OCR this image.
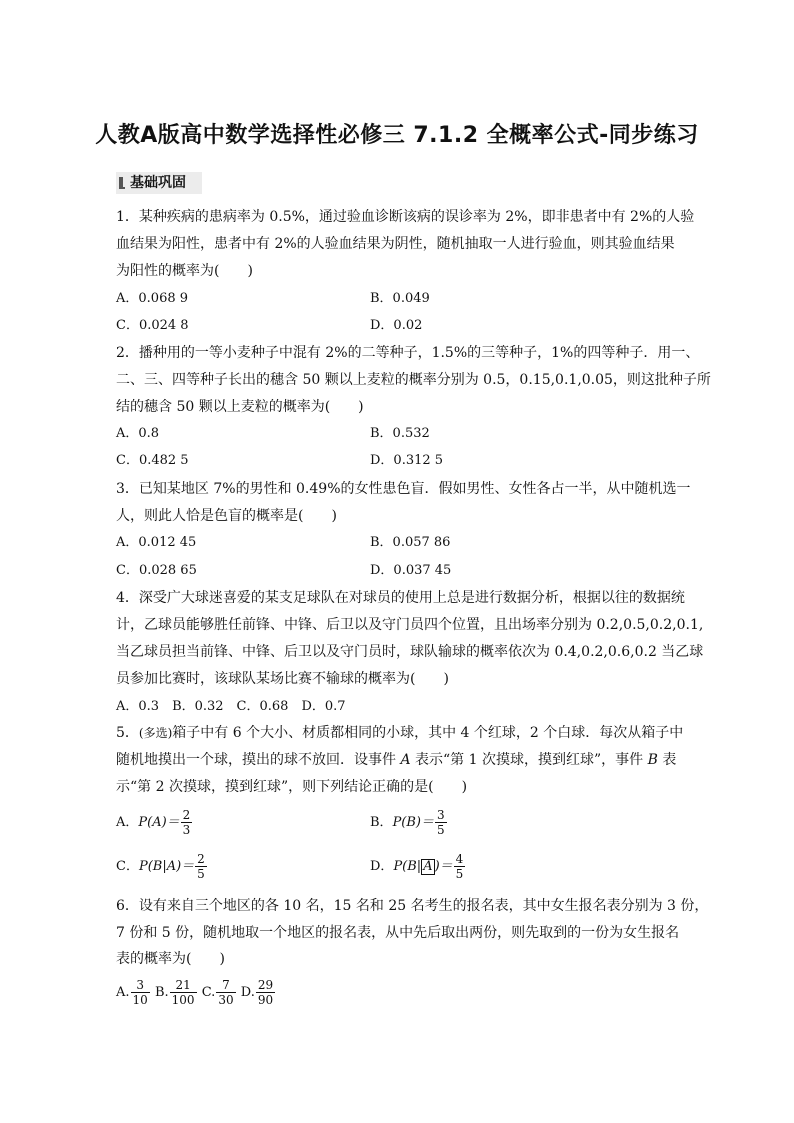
人教A版高中数学选择性必修三 7.1.2 全概率公式-同步练习
基础巩固
1．某种疾病的患病率为 0.5%，通过验血诊断该病的误诊率为 2%，即非患者中有 2%的人验
血结果为阳性，患者中有 2%的人验血结果为阴性，随机抽取一人进行验血，则其验血结果
为阳性的概率为(　　)
A．0.068 9	B．0.049
C．0.024 8	D．0.02
2．播种用的一等小麦种子中混有 2%的二等种子，1.5%的三等种子，1%的四等种子．用一、
二、三、四等种子长出的穗含 50 颗以上麦粒的概率分别为 0.5，0.15,0.1,0.05，则这批种子所
结的穗含 50 颗以上麦粒的概率为(　　)
A．0.8	B．0.532
C．0.482 5	D．0.312 5
3．已知某地区 7%的男性和 0.49%的女性患色盲．假如男性、女性各占一半，从中随机选一
人，则此人恰是色盲的概率是(　　)
A．0.012 45	B．0.057 86
C．0.028 65	D．0.037 45
4．深受广大球迷喜爱的某支足球队在对球员的使用上总是进行数据分析，根据以往的数据统
计，乙球员能够胜任前锋、中锋、后卫以及守门员四个位置，且出场率分别为 0.2,0.5,0.2,0.1,
当乙球员担当前锋、中锋、后卫以及守门员时，球队输球的概率依次为 0.4,0.2,0.6,0.2 当乙球
员参加比赛时，该球队某场比赛不输球的概率为(　　)
A．0.3　B．0.32　C．0.68　D．0.7
5．(多选)箱子中有 6 个大小、材质都相同的小球，其中 4 个红球，2 个白球．每次从箱子中
随机地摸出一个球，摸出的球不放回．设事件 A 表示“第 1 次摸球，摸到红球”，事件 B 表
示“第 2 次摸球，摸到红球”，则下列结论正确的是(　　)
A．$P(A)= \frac{2}{3}$	B．$P(B)= \frac{3}{5}$
C．$P(B|A)= \frac{2}{5}$	D．P(B| A )＝ $\frac{4}{5}$
6．设有来自三个地区的各 10 名，15 名和 25 名考生的报名表，其中女生报名表分别为 3 份，
7 份和 5 份，随机地取一个地区的报名表，从中先后取出两份，则先取到的一份为女生报名
表的概率为(　　)
A. $\frac{3}{10} B$. $\frac{21}{100} C$. $\frac{7}{30} D$. $\frac{29}{90}$
